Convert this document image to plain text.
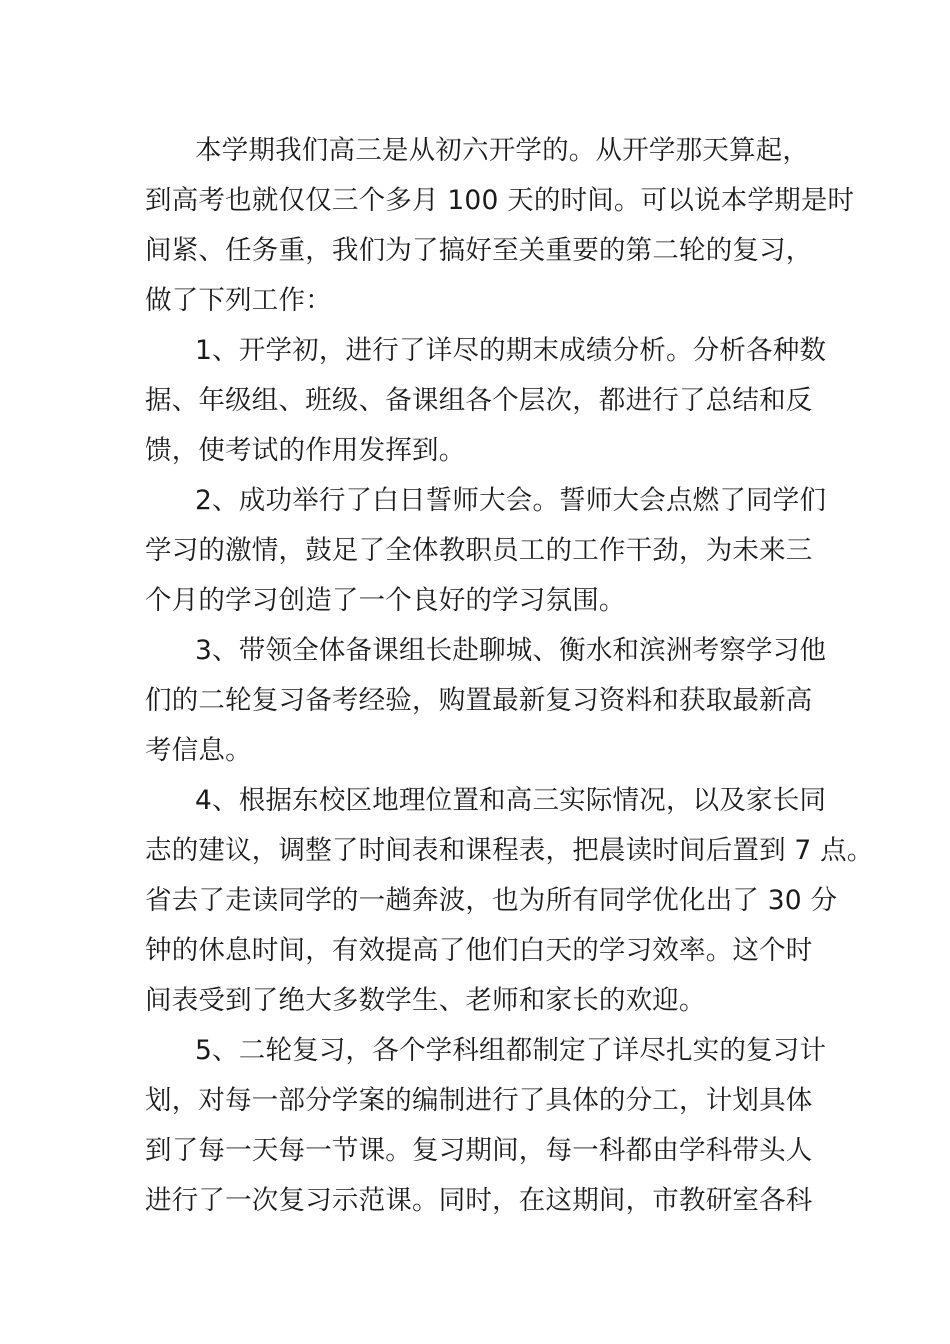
本学期我们高三是从初六开学的。从开学那天算起，
到高考也就仅仅三个多月 100 天的时间。可以说本学期是时
间紧、任务重，我们为了搞好至关重要的第二轮的复习，
做了下列工作：
1、开学初，进行了详尽的期末成绩分析。分析各种数
据、年级组、班级、备课组各个层次，都进行了总结和反
馈，使考试的作用发挥到。
2、成功举行了白日誓师大会。誓师大会点燃了同学们
学习的激情，鼓足了全体教职员工的工作干劲，为未来三
个月的学习创造了一个良好的学习氛围。
3、带领全体备课组长赴聊城、衡水和滨洲考察学习他
们的二轮复习备考经验，购置最新复习资料和获取最新高
考信息。
4、根据东校区地理位置和高三实际情况，以及家长同
志的建议，调整了时间表和课程表，把晨读时间后置到 7 点。
省去了走读同学的一趟奔波，也为所有同学优化出了 30 分
钟的休息时间，有效提高了他们白天的学习效率。这个时
间表受到了绝大多数学生、老师和家长的欢迎。
5、二轮复习，各个学科组都制定了详尽扎实的复习计
划，对每一部分学案的编制进行了具体的分工，计划具体
到了每一天每一节课。复习期间，每一科都由学科带头人
进行了一次复习示范课。同时，在这期间，市教研室各科
